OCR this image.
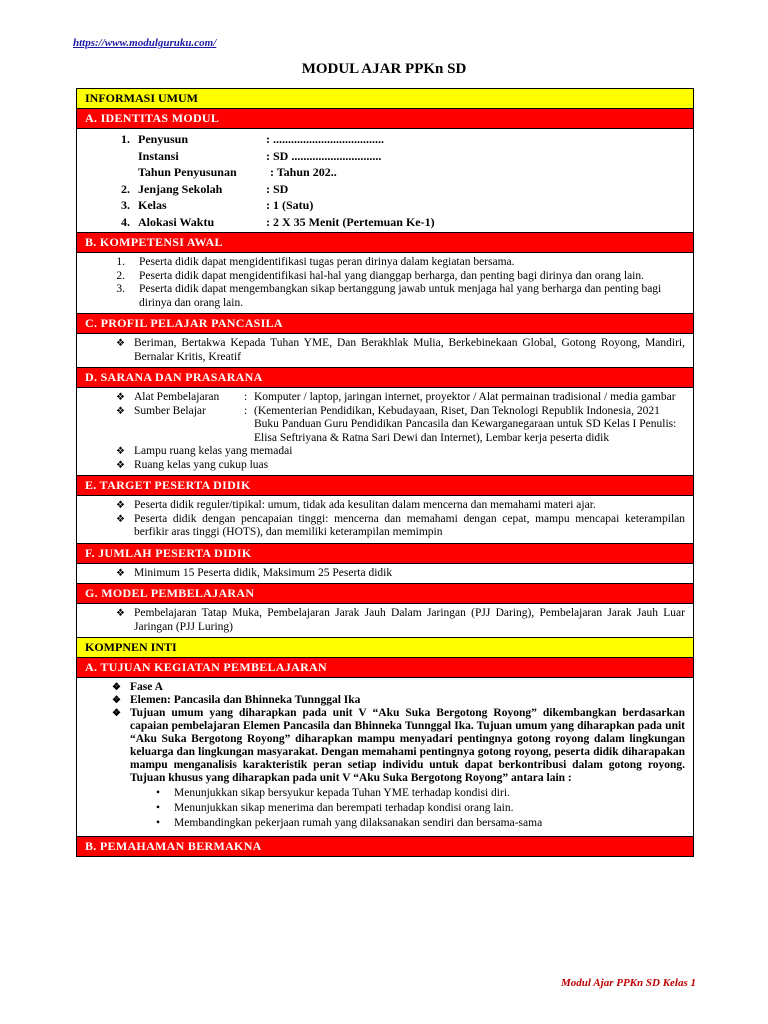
https://www.modulguruku.com/
MODUL AJAR PPKn SD
INFORMASI UMUM
A. IDENTITAS MODUL
1. Penyusun	: .....................................
Instansi	: SD ..............................
Tahun Penyusunan	: Tahun 202..
2. Jenjang Sekolah	: SD
3. Kelas	: 1 (Satu)
4. Alokasi Waktu	: 2 X 35 Menit (Pertemuan Ke-1)
B. KOMPETENSI AWAL
1.	Peserta didik dapat mengidentifikasi tugas peran dirinya dalam kegiatan bersama.
2.	Peserta didik dapat mengidentifikasi hal-hal yang dianggap berharga, dan penting bagi dirinya dan orang lain.
3.	Peserta didik dapat mengembangkan sikap bertanggung jawab untuk menjaga hal yang berharga dan penting bagi dirinya dan orang lain.
C. PROFIL PELAJAR PANCASILA
❖ Beriman, Bertakwa Kepada Tuhan YME, Dan Berakhlak Mulia, Berkebinekaan Global, Gotong Royong, Mandiri, Bernalar Kritis, Kreatif
D. SARANA DAN PRASARANA
❖ Alat Pembelajaran	: Komputer / laptop, jaringan internet, proyektor / Alat permainan tradisional / media gambar
❖ Sumber Belajar	: (Kementerian Pendidikan, Kebudayaan, Riset, Dan Teknologi Republik Indonesia, 2021 Buku Panduan Guru Pendidikan Pancasila dan Kewarganegaraan untuk SD Kelas I Penulis: Elisa Seftriyana & Ratna Sari Dewi dan Internet), Lembar kerja peserta didik
❖ Lampu ruang kelas yang memadai
❖ Ruang kelas yang cukup luas
E. TARGET PESERTA DIDIK
❖ Peserta didik reguler/tipikal: umum, tidak ada kesulitan dalam mencerna dan memahami materi ajar.
❖ Peserta didik dengan pencapaian tinggi: mencerna dan memahami dengan cepat, mampu mencapai keterampilan berfikir aras tinggi (HOTS), dan memiliki keterampilan memimpin
F. JUMLAH PESERTA DIDIK
❖ Minimum 15 Peserta didik, Maksimum 25 Peserta didik
G. MODEL PEMBELAJARAN
❖ Pembelajaran Tatap Muka, Pembelajaran Jarak Jauh Dalam Jaringan (PJJ Daring), Pembelajaran Jarak Jauh Luar Jaringan (PJJ Luring)
KOMPNEN INTI
A. TUJUAN KEGIATAN PEMBELAJARAN
❖ Fase A
❖ Elemen: Pancasila dan Bhinneka Tunnggal Ika
❖ Tujuan umum yang diharapkan pada unit V “Aku Suka Bergotong Royong” dikembangkan berdasarkan capaian pembelajaran Elemen Pancasila dan Bhinneka Tunnggal Ika. Tujuan umum yang diharapkan pada unit “Aku Suka Bergotong Royong” diharapkan mampu menyadari pentingnya gotong royong dalam lingkungan keluarga dan lingkungan masyarakat. Dengan memahami pentingnya gotong royong, peserta didik diharapakan mampu menganalisis karakteristik peran setiap individu untuk dapat berkontribusi dalam gotong royong. Tujuan khusus yang diharapkan pada unit V “Aku Suka Bergotong Royong” antara lain :
•	Menunjukkan sikap bersyukur kepada Tuhan YME terhadap kondisi diri.
•	Menunjukkan sikap menerima dan berempati terhadap kondisi orang lain.
•	Membandingkan pekerjaan rumah yang dilaksanakan sendiri dan bersama-sama
B. PEMAHAMAN BERMAKNA
Modul Ajar PPKn SD Kelas 1
